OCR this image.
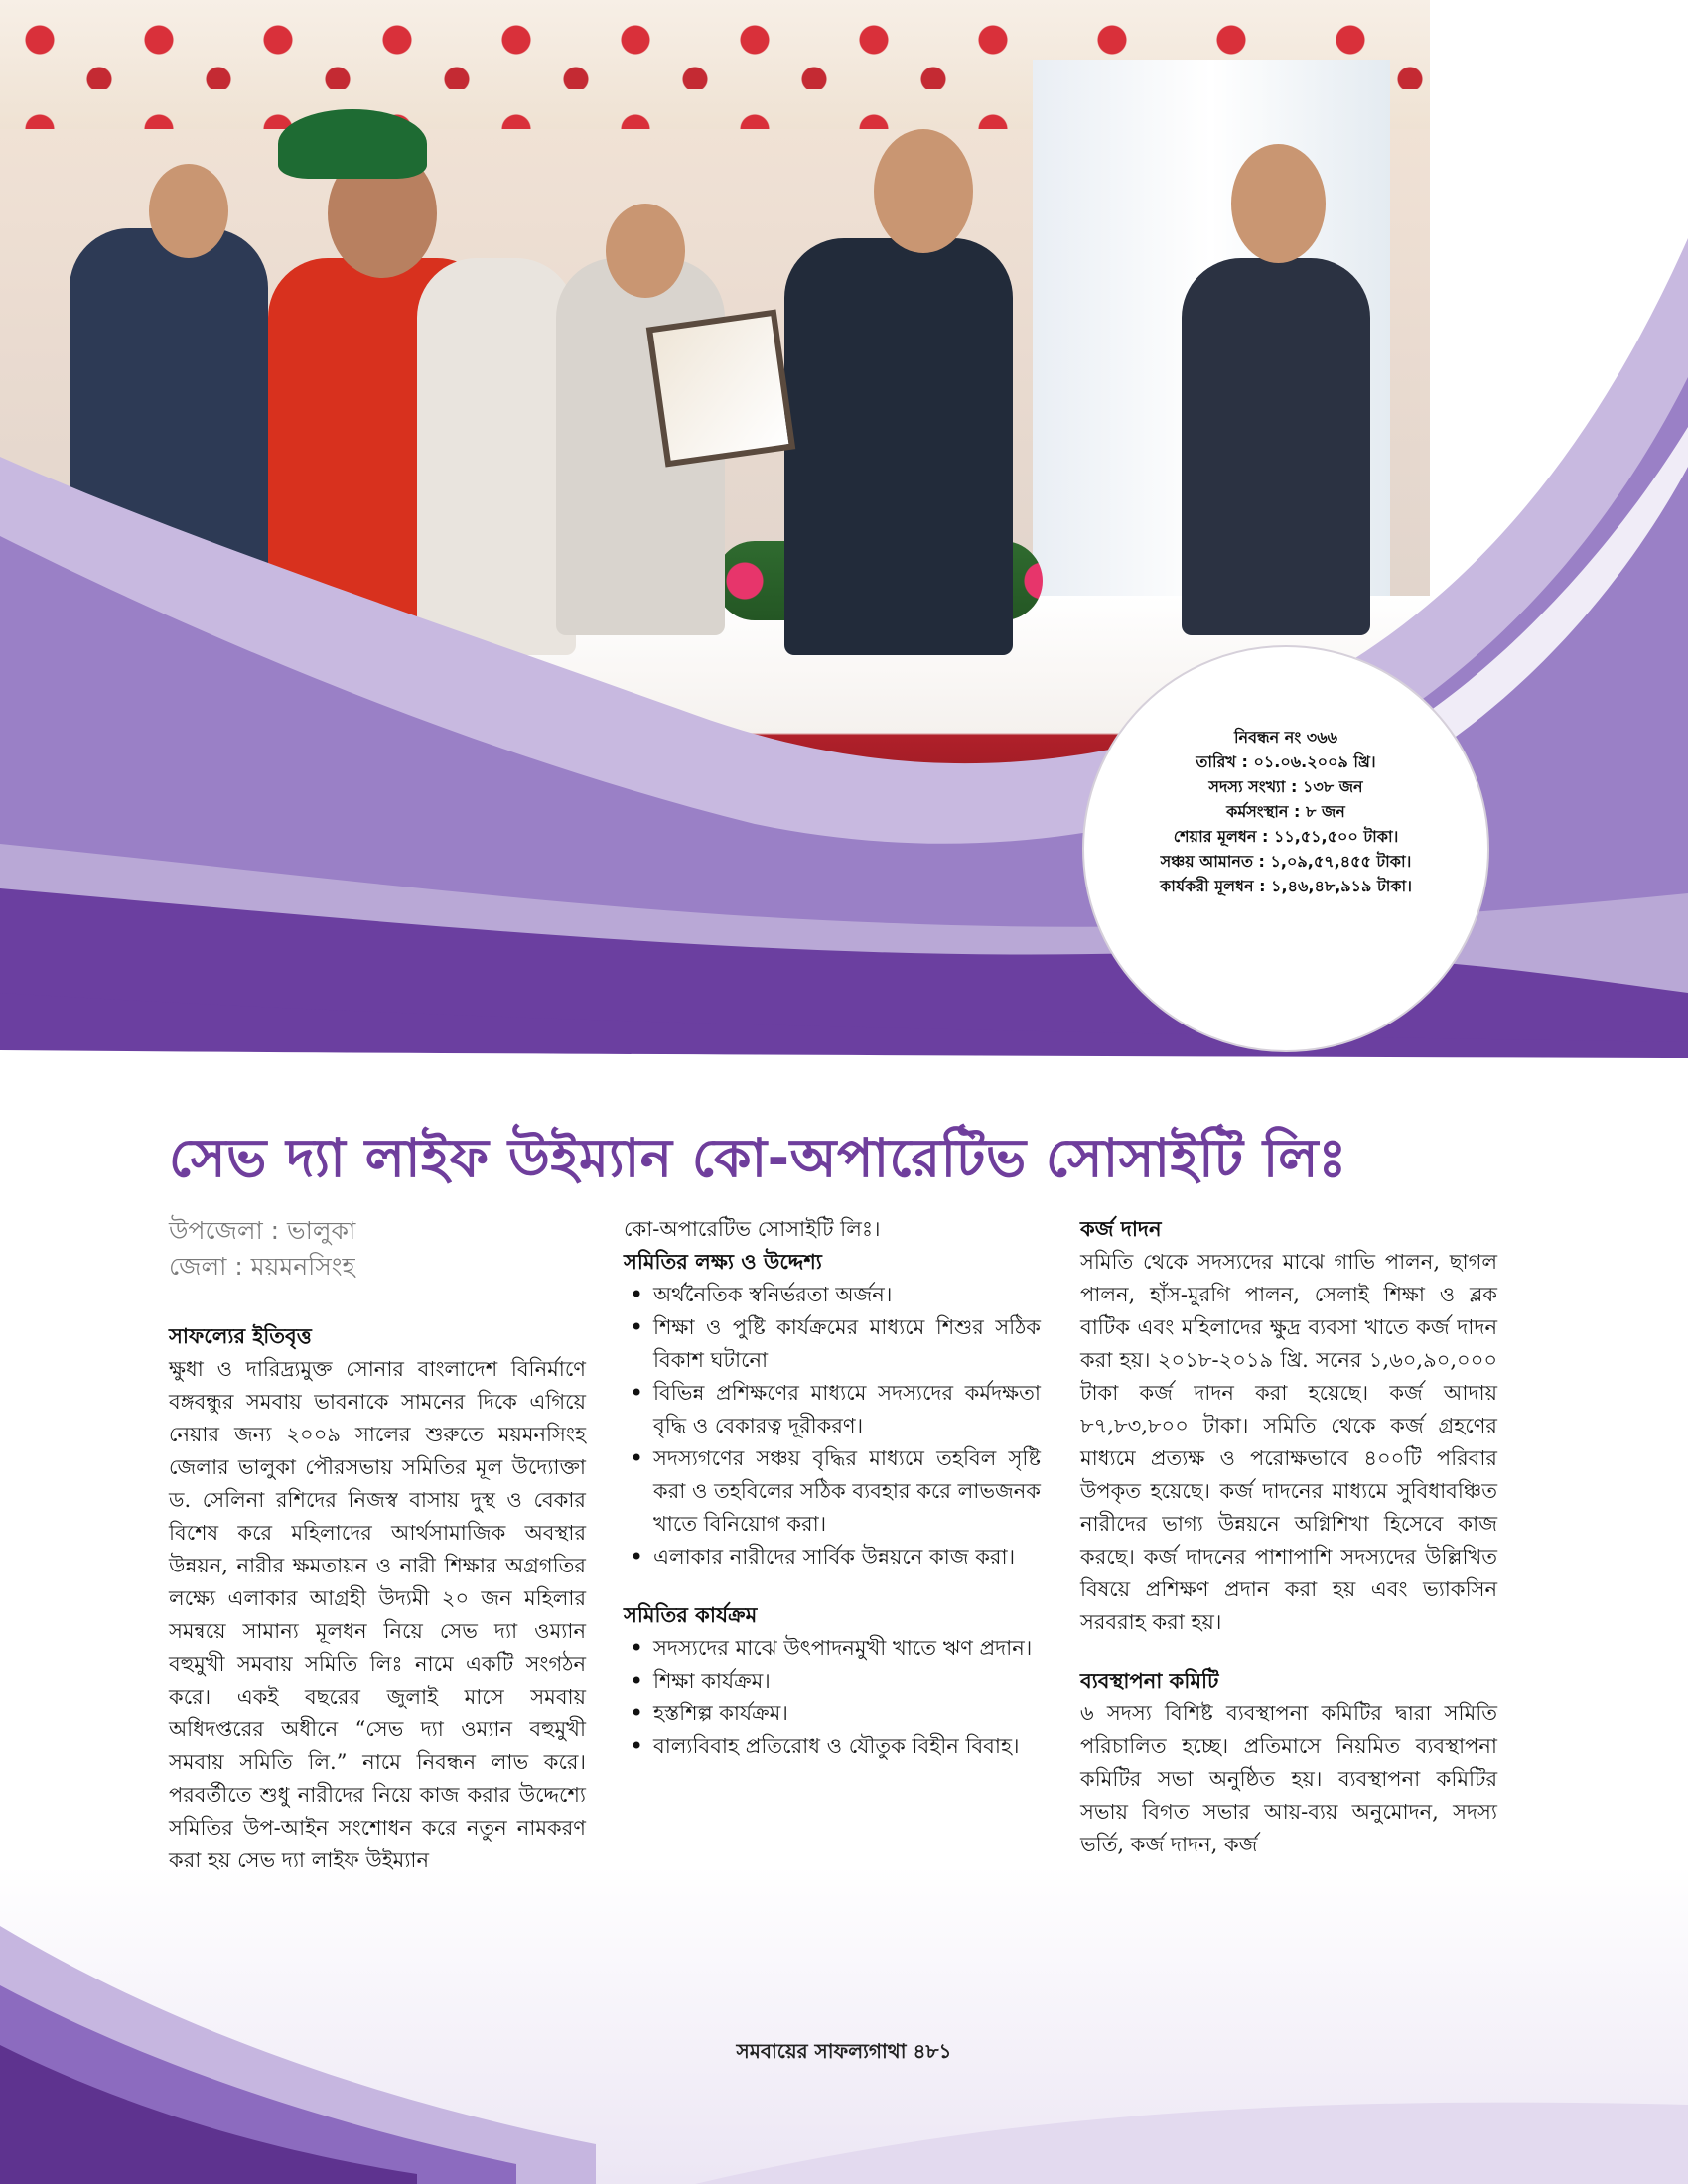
নিবন্ধন নং ৩৬৬
তারিখ : ০১.০৬.২০০৯ খ্রি।
সদস্য সংখ্যা : ১৩৮ জন
কর্মসংস্থান : ৮ জন
শেয়ার মূলধন : ১১,৫১,৫০০ টাকা।
সঞ্চয় আমানত : ১,০৯,৫৭,৪৫৫ টাকা।
কার্যকরী মূলধন : ১,৪৬,৪৮,৯১৯ টাকা।
সেভ দ্যা লাইফ উইম্যান কো-অপারেটিভ সোসাইটি লিঃ
উপজেলা : ভালুকা
জেলা : ময়মনসিংহ
সাফল্যের ইতিবৃত্ত

ক্ষুধা ও দারিদ্র্যমুক্ত সোনার বাংলাদেশ বিনির্মাণে বঙ্গবন্ধুর সমবায় ভাবনাকে সামনের দিকে এগিয়ে নেয়ার জন্য ২০০৯ সালের শুরুতে ময়মনসিংহ জেলার ভালুকা পৌরসভায় সমিতির মূল উদ্যোক্তা ড. সেলিনা রশিদের নিজস্ব বাসায় দুস্থ ও বেকার বিশেষ করে মহিলাদের আর্থসামাজিক অবস্থার উন্নয়ন, নারীর ক্ষমতায়ন ও নারী শিক্ষার অগ্রগতির লক্ষ্যে এলাকার আগ্রহী উদ্যমী ২০ জন মহিলার সমন্বয়ে সামান্য মূলধন নিয়ে সেভ দ্যা ওম্যান বহুমুখী সমবায় সমিতি লিঃ নামে একটি সংগঠন করে। একই বছরের জুলাই মাসে সমবায় অধিদপ্তরের অধীনে “সেভ দ্যা ওম্যান বহুমুখী সমবায় সমিতি লি.” নামে নিবন্ধন লাভ করে। পরবর্তীতে শুধু নারীদের নিয়ে কাজ করার উদ্দেশ্যে সমিতির উপ-আইন সংশোধন করে নতুন নামকরণ করা হয় সেভ দ্যা লাইফ উইম্যান

কো-অপারেটিভ সোসাইটি লিঃ।

সমিতির লক্ষ্য ও উদ্দেশ্য
• অর্থনৈতিক স্বনির্ভরতা অর্জন।
• শিক্ষা ও পুষ্টি কার্যক্রমের মাধ্যমে শিশুর সঠিক বিকাশ ঘটানো
• বিভিন্ন প্রশিক্ষণের মাধ্যমে সদস্যদের কর্মদক্ষতা বৃদ্ধি ও বেকারত্ব দূরীকরণ।
• সদস্যগণের সঞ্চয় বৃদ্ধির মাধ্যমে তহবিল সৃষ্টি করা ও তহবিলের সঠিক ব্যবহার করে লাভজনক খাতে বিনিয়োগ করা।
• এলাকার নারীদের সার্বিক উন্নয়নে কাজ করা।
সমিতির কার্যক্রম
• সদস্যদের মাঝে উৎপাদনমুখী খাতে ঋণ প্রদান।
• শিক্ষা কার্যক্রম।
• হস্তশিল্প কার্যক্রম।
• বাল্যবিবাহ প্রতিরোধ ও যৌতুক বিহীন বিবাহ।
কর্জ দাদন

সমিতি থেকে সদস্যদের মাঝে গাভি পালন, ছাগল পালন, হাঁস-মুরগি পালন, সেলাই শিক্ষা ও ব্লক বাটিক এবং মহিলাদের ক্ষুদ্র ব্যবসা খাতে কর্জ দাদন করা হয়। ২০১৮-২০১৯ খ্রি. সনের ১,৬০,৯০,০০০ টাকা কর্জ দাদন করা হয়েছে। কর্জ আদায় ৮৭,৮৩,৮০০ টাকা। সমিতি থেকে কর্জ গ্রহণের মাধ্যমে প্রত্যক্ষ ও পরোক্ষভাবে ৪০০টি পরিবার উপকৃত হয়েছে। কর্জ দাদনের মাধ্যমে সুবিধাবঞ্চিত নারীদের ভাগ্য উন্নয়নে অগ্নিশিখা হিসেবে কাজ করছে। কর্জ দাদনের পাশাপাশি সদস্যদের উল্লিখিত বিষয়ে প্রশিক্ষণ প্রদান করা হয় এবং ভ্যাকসিন সরবরাহ করা হয়।

ব্যবস্থাপনা কমিটি

৬ সদস্য বিশিষ্ট ব্যবস্থাপনা কমিটির দ্বারা সমিতি পরিচালিত হচ্ছে। প্রতিমাসে নিয়মিত ব্যবস্থাপনা কমিটির সভা অনুষ্ঠিত হয়। ব্যবস্থাপনা কমিটির সভায় বিগত সভার আয়-ব্যয় অনুমোদন, সদস্য ভর্তি, কর্জ দাদন, কর্জ

সমবায়ের সাফল্যগাথা ৪৮১
